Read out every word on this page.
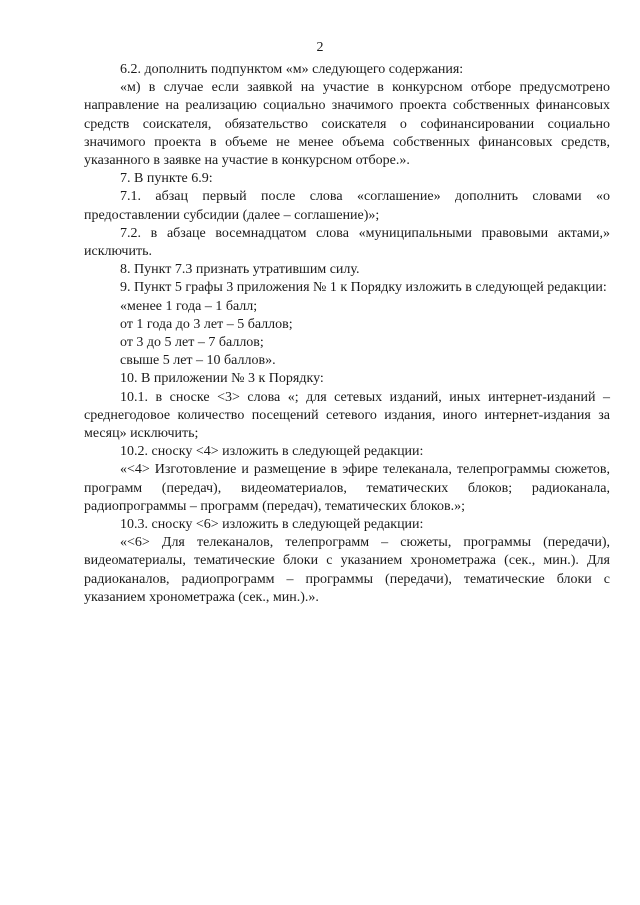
2

6.2. дополнить подпунктом «м» следующего содержания:

«м) в случае если заявкой на участие в конкурсном отборе предусмотрено направление на реализацию социально значимого проекта собственных финансовых средств соискателя, обязательство соискателя о софинансировании социально значимого проекта в объеме не менее объема собственных финансовых средств, указанного в заявке на участие в конкурсном отборе.».

7. В пункте 6.9:

7.1. абзац первый после слова «соглашение» дополнить словами «о предоставлении субсидии (далее – соглашение)»;

7.2. в абзаце восемнадцатом слова «муниципальными правовыми актами,» исключить.

8. Пункт 7.3 признать утратившим силу.

9. Пункт 5 графы 3 приложения № 1 к Порядку изложить в следующей редакции:

«менее 1 года – 1 балл;

от 1 года до 3 лет – 5 баллов;

от 3 до 5 лет – 7 баллов;

свыше 5 лет – 10 баллов».

10. В приложении № 3 к Порядку:

10.1. в сноске <3> слова «; для сетевых изданий, иных интернет-изданий – среднегодовое количество посещений сетевого издания, иного интернет-издания за месяц» исключить;

10.2. сноску <4> изложить в следующей редакции:

«<4> Изготовление и размещение в эфире телеканала, телепрограммы сюжетов, программ (передач), видеоматериалов, тематических блоков; радиоканала, радиопрограммы – программ (передач), тематических блоков.»;

10.3. сноску <6> изложить в следующей редакции:

«<6> Для телеканалов, телепрограмм – сюжеты, программы (передачи), видеоматериалы, тематические блоки с указанием хронометража (сек., мин.). Для радиоканалов, радиопрограмм – программы (передачи), тематические блоки с указанием хронометража (сек., мин.).».
